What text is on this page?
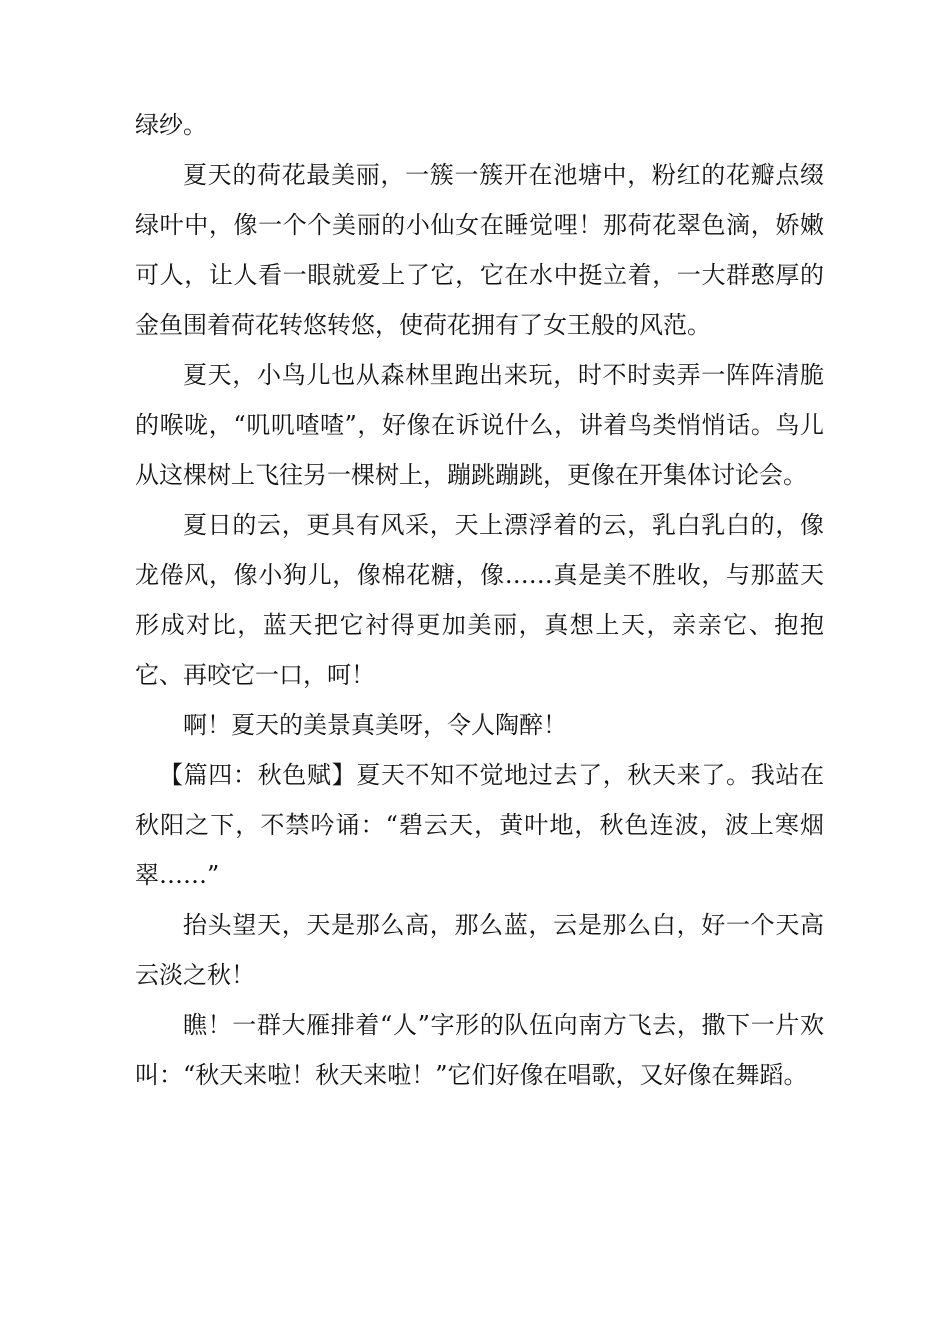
绿纱。

夏天的荷花最美丽，一簇一簇开在池塘中，粉红的花瓣点缀绿叶中，像一个个美丽的小仙女在睡觉哩！那荷花翠色滴，娇嫩可人，让人看一眼就爱上了它，它在水中挺立着，一大群憨厚的金鱼围着荷花转悠转悠，使荷花拥有了女王般的风范。

夏天，小鸟儿也从森林里跑出来玩，时不时卖弄一阵阵清脆的喉咙，“叽叽喳喳”，好像在诉说什么，讲着鸟类悄悄话。鸟儿从这棵树上飞往另一棵树上，蹦跳蹦跳，更像在开集体讨论会。

夏日的云，更具有风采，天上漂浮着的云，乳白乳白的，像龙倦风，像小狗儿，像棉花糖，像……真是美不胜收，与那蓝天形成对比，蓝天把它衬得更加美丽，真想上天，亲亲它、抱抱它、再咬它一口，呵！

啊！夏天的美景真美呀，令人陶醉！

【篇四：秋色赋】夏天不知不觉地过去了，秋天来了。我站在秋阳之下，不禁吟诵：“碧云天，黄叶地，秋色连波，波上寒烟翠……”

抬头望天，天是那么高，那么蓝，云是那么白，好一个天高云淡之秋！

瞧！一群大雁排着“人”字形的队伍向南方飞去，撒下一片欢叫：“秋天来啦！秋天来啦！”它们好像在唱歌，又好像在舞蹈。
